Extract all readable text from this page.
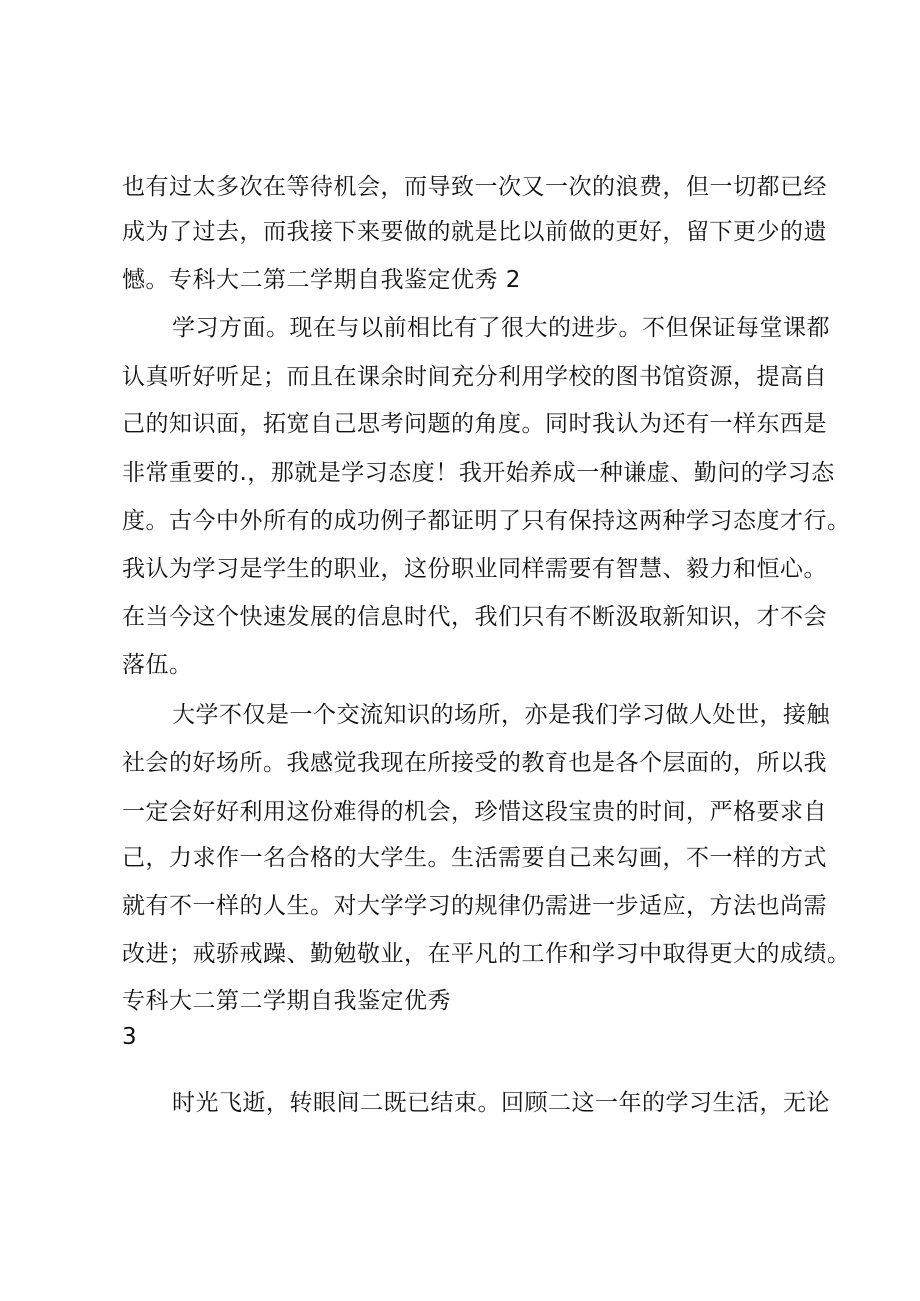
也有过太多次在等待机会，而导致一次又一次的浪费，但一切都已经
成为了过去，而我接下来要做的就是比以前做的更好，留下更少的遗
憾。专科大二第二学期自我鉴定优秀 2
学习方面。现在与以前相比有了很大的进步。不但保证每堂课都
认真听好听足；而且在课余时间充分利用学校的图书馆资源，提高自
己的知识面，拓宽自己思考问题的角度。同时我认为还有一样东西是
非常重要的.，那就是学习态度！我开始养成一种谦虚、勤问的学习态
度。古今中外所有的成功例子都证明了只有保持这两种学习态度才行。
我认为学习是学生的职业，这份职业同样需要有智慧、毅力和恒心。
在当今这个快速发展的信息时代，我们只有不断汲取新知识，才不会
落伍。
大学不仅是一个交流知识的场所，亦是我们学习做人处世，接触
社会的好场所。我感觉我现在所接受的教育也是各个层面的，所以我
一定会好好利用这份难得的机会，珍惜这段宝贵的时间，严格要求自
己，力求作一名合格的大学生。生活需要自己来勾画，不一样的方式
就有不一样的人生。对大学学习的规律仍需进一步适应，方法也尚需
改进；戒骄戒躁、勤勉敬业，在平凡的工作和学习中取得更大的成绩。
专科大二第二学期自我鉴定优秀
3
时光飞逝，转眼间二既已结束。回顾二这一年的学习生活，无论
